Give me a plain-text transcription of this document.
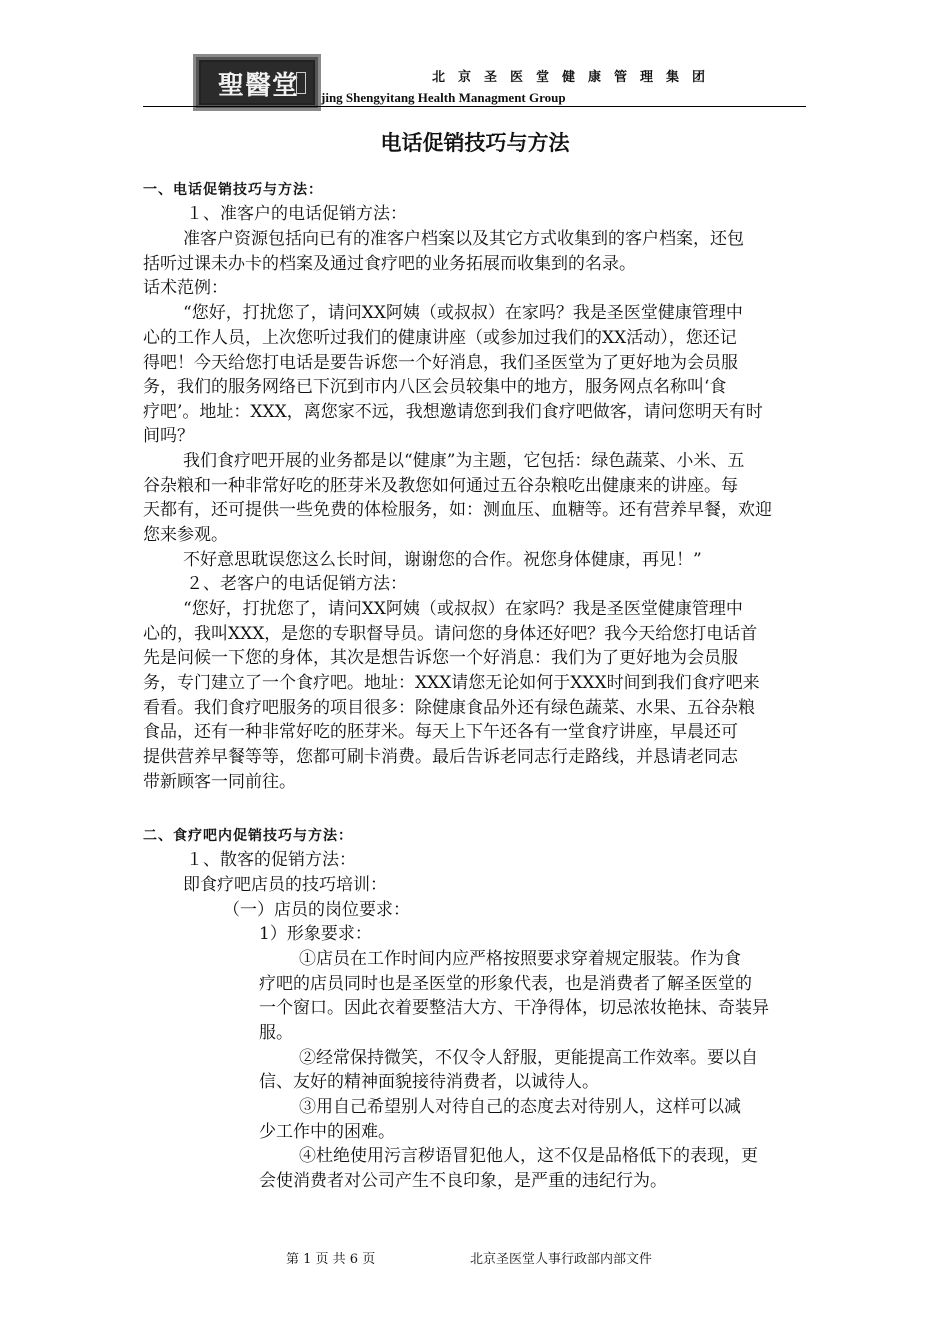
聖醫堂	北京圣医堂健康管理集团
jing Shengyitang Health Managment Group
电话促销技巧与方法
一、电话促销技巧与方法：
１、准客户的电话促销方法：
准客户资源包括向已有的准客户档案以及其它方式收集到的客户档案，还包
括听过课未办卡的档案及通过食疗吧的业务拓展而收集到的名录。
话术范例：
“您好，打扰您了，请问XX阿姨（或叔叔）在家吗？我是圣医堂健康管理中
心的工作人员，上次您听过我们的健康讲座（或参加过我们的XX活动），您还记
得吧！今天给您打电话是要告诉您一个好消息，我们圣医堂为了更好地为会员服
务，我们的服务网络已下沉到市内八区会员较集中的地方，服务网点名称叫‘食
疗吧’。地址：XXX，离您家不远，我想邀请您到我们食疗吧做客，请问您明天有时
间吗？
我们食疗吧开展的业务都是以“健康”为主题，它包括：绿色蔬菜、小米、五
谷杂粮和一种非常好吃的胚芽米及教您如何通过五谷杂粮吃出健康来的讲座。每
天都有，还可提供一些免费的体检服务，如：测血压、血糖等。还有营养早餐，欢迎
您来参观。
不好意思耽误您这么长时间，谢谢您的合作。祝您身体健康，再见！”
２、老客户的电话促销方法：
“您好，打扰您了，请问XX阿姨（或叔叔）在家吗？我是圣医堂健康管理中
心的，我叫XXX，是您的专职督导员。请问您的身体还好吧？我今天给您打电话首
先是问候一下您的身体，其次是想告诉您一个好消息：我们为了更好地为会员服
务，专门建立了一个食疗吧。地址：XXX请您无论如何于XXX时间到我们食疗吧来
看看。我们食疗吧服务的项目很多：除健康食品外还有绿色蔬菜、水果、五谷杂粮
食品，还有一种非常好吃的胚芽米。每天上下午还各有一堂食疗讲座，早晨还可
提供营养早餐等等，您都可刷卡消费。最后告诉老同志行走路线，并恳请老同志
带新顾客一同前往。
二、食疗吧内促销技巧与方法：
１、散客的促销方法：
即食疗吧店员的技巧培训：
（一）店员的岗位要求：
1）形象要求：
①店员在工作时间内应严格按照要求穿着规定服装。作为食
疗吧的店员同时也是圣医堂的形象代表，也是消费者了解圣医堂的
一个窗口。因此衣着要整洁大方、干净得体，切忌浓妆艳抹、奇装异
服。
②经常保持微笑，不仅令人舒服，更能提高工作效率。要以自
信、友好的精神面貌接待消费者，以诚待人。
③用自己希望别人对待自己的态度去对待别人，这样可以减
少工作中的困难。
④杜绝使用污言秽语冒犯他人，这不仅是品格低下的表现，更
会使消费者对公司产生不良印象，是严重的违纪行为。
第 1 页 共 6 页	北京圣医堂人事行政部内部文件
